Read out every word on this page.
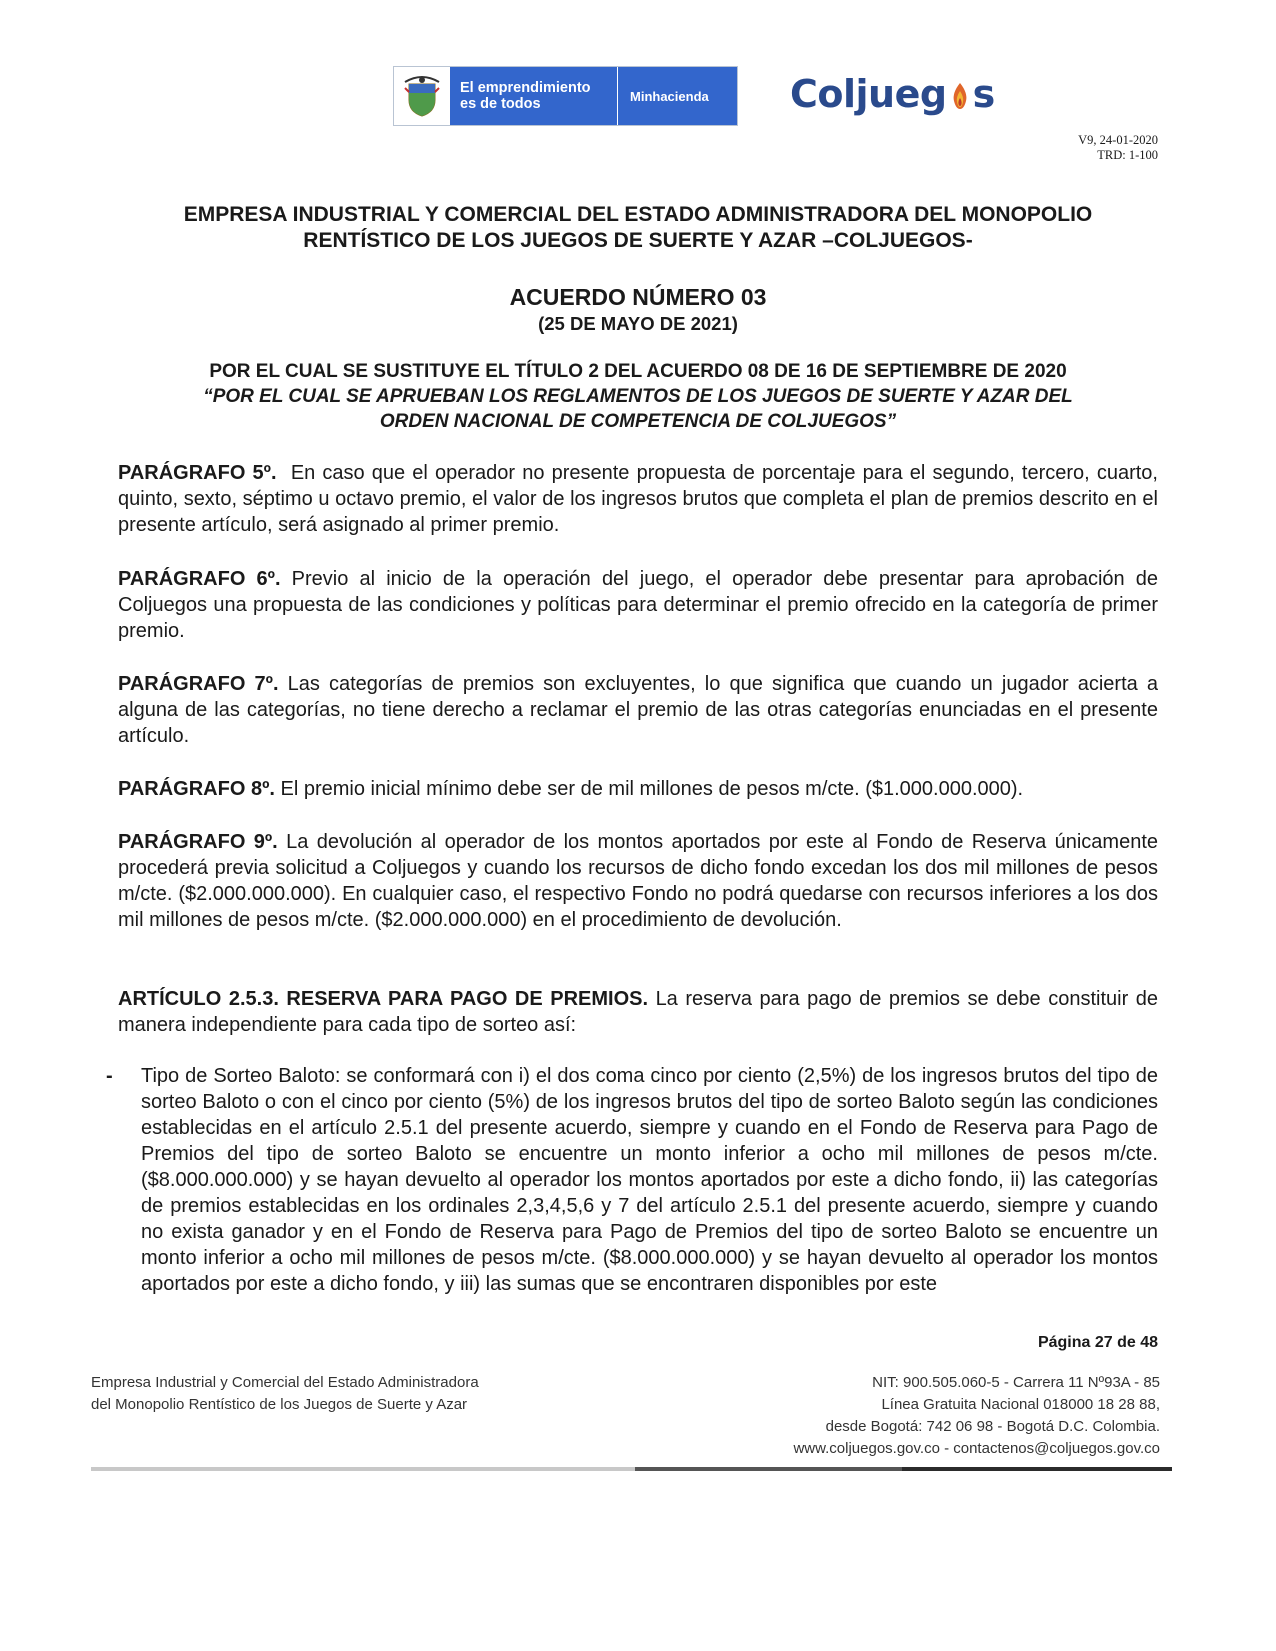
El emprendimiento
es de todos	Minhacienda	Coljueg s
V9, 24-01-2020
TRD: 1-100
EMPRESA INDUSTRIAL Y COMERCIAL DEL ESTADO ADMINISTRADORA DEL MONOPOLIO
RENTÍSTICO DE LOS JUEGOS DE SUERTE Y AZAR –COLJUEGOS-
ACUERDO NÚMERO 03
(25 DE MAYO DE 2021)
POR EL CUAL SE SUSTITUYE EL TÍTULO 2 DEL ACUERDO 08 DE 16 DE SEPTIEMBRE DE 2020
“POR EL CUAL SE APRUEBAN LOS REGLAMENTOS DE LOS JUEGOS DE SUERTE Y AZAR DEL
ORDEN NACIONAL DE COMPETENCIA DE COLJUEGOS”

PARÁGRAFO 5º. En caso que el operador no presente propuesta de porcentaje para el segundo, tercero, cuarto, quinto, sexto, séptimo u octavo premio, el valor de los ingresos brutos que completa el plan de premios descrito en el presente artículo, será asignado al primer premio.

PARÁGRAFO 6º. Previo al inicio de la operación del juego, el operador debe presentar para aprobación de Coljuegos una propuesta de las condiciones y políticas para determinar el premio ofrecido en la categoría de primer premio.

PARÁGRAFO 7º. Las categorías de premios son excluyentes, lo que significa que cuando un jugador acierta a alguna de las categorías, no tiene derecho a reclamar el premio de las otras categorías enunciadas en el presente artículo.

PARÁGRAFO 8º. El premio inicial mínimo debe ser de mil millones de pesos m/cte. ($1.000.000.000).

PARÁGRAFO 9º. La devolución al operador de los montos aportados por este al Fondo de Reserva únicamente procederá previa solicitud a Coljuegos y cuando los recursos de dicho fondo excedan los dos mil millones de pesos m/cte. ($2.000.000.000). En cualquier caso, el respectivo Fondo no podrá quedarse con recursos inferiores a los dos mil millones de pesos m/cte. ($2.000.000.000) en el procedimiento de devolución.

ARTÍCULO 2.5.3. RESERVA PARA PAGO DE PREMIOS. La reserva para pago de premios se debe constituir de manera independiente para cada tipo de sorteo así:

- Tipo de Sorteo Baloto: se conformará con i) el dos coma cinco por ciento (2,5%) de los ingresos brutos del tipo de sorteo Baloto o con el cinco por ciento (5%) de los ingresos brutos del tipo de sorteo Baloto según las condiciones establecidas en el artículo 2.5.1 del presente acuerdo, siempre y cuando en el Fondo de Reserva para Pago de Premios del tipo de sorteo Baloto se encuentre un monto inferior a ocho mil millones de pesos m/cte. ($8.000.000.000) y se hayan devuelto al operador los montos aportados por este a dicho fondo, ii) las categorías de premios establecidas en los ordinales 2,3,4,5,6 y 7 del artículo 2.5.1 del presente acuerdo, siempre y cuando no exista ganador y en el Fondo de Reserva para Pago de Premios del tipo de sorteo Baloto se encuentre un monto inferior a ocho mil millones de pesos m/cte. ($8.000.000.000) y se hayan devuelto al operador los montos aportados por este a dicho fondo, y iii) las sumas que se encontraren disponibles por este

Página 27 de 48
Empresa Industrial y Comercial del Estado Administradora
del Monopolio Rentístico de los Juegos de Suerte y Azar
NIT: 900.505.060-5 - Carrera 11 Nº93A - 85
Línea Gratuita Nacional 018000 18 28 88,
desde Bogotá: 742 06 98 - Bogotá D.C. Colombia.
www.coljuegos.gov.co - contactenos@coljuegos.gov.co
